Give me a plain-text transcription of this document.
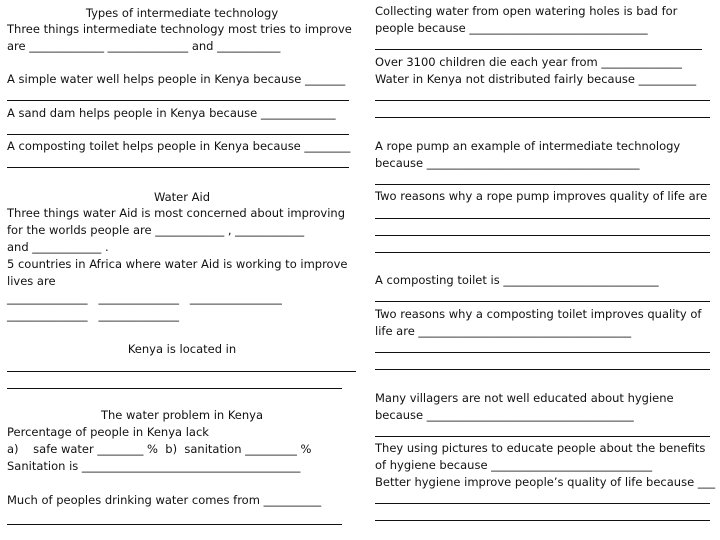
Types of intermediate technology
Three things intermediate technology most tries to improve
are _____________ ______________ and ___________
A simple water well helps people in Kenya because _______
A sand dam helps people in Kenya because _____________
A composting toilet helps people in Kenya because ________
Water Aid
Three things water Aid is most concerned about improving
for the worlds people are ____________ , ____________
and ____________ .
5 countries in Africa where water Aid is working to improve
lives are
______________   ______________   ________________
______________   ______________
Kenya is located in
The water problem in Kenya
Percentage of people in Kenya lack
a)    safe water ________ %  b)  sanitation _________ %
Sanitation is ______________________________________
Much of peoples drinking water comes from __________
Collecting water from open watering holes is bad for
people because _______________________________
Over 3100 children die each year from ______________
Water in Kenya not distributed fairly because __________
A rope pump an example of intermediate technology
because _____________________________________
Two reasons why a rope pump improves quality of life are
A composting toilet is ___________________________
Two reasons why a composting toilet improves quality of
life are _____________________________________
Many villagers are not well educated about hygiene
because ____________________________________
They using pictures to educate people about the benefits
of hygiene because ____________________________
Better hygiene improve people’s quality of life because ___
